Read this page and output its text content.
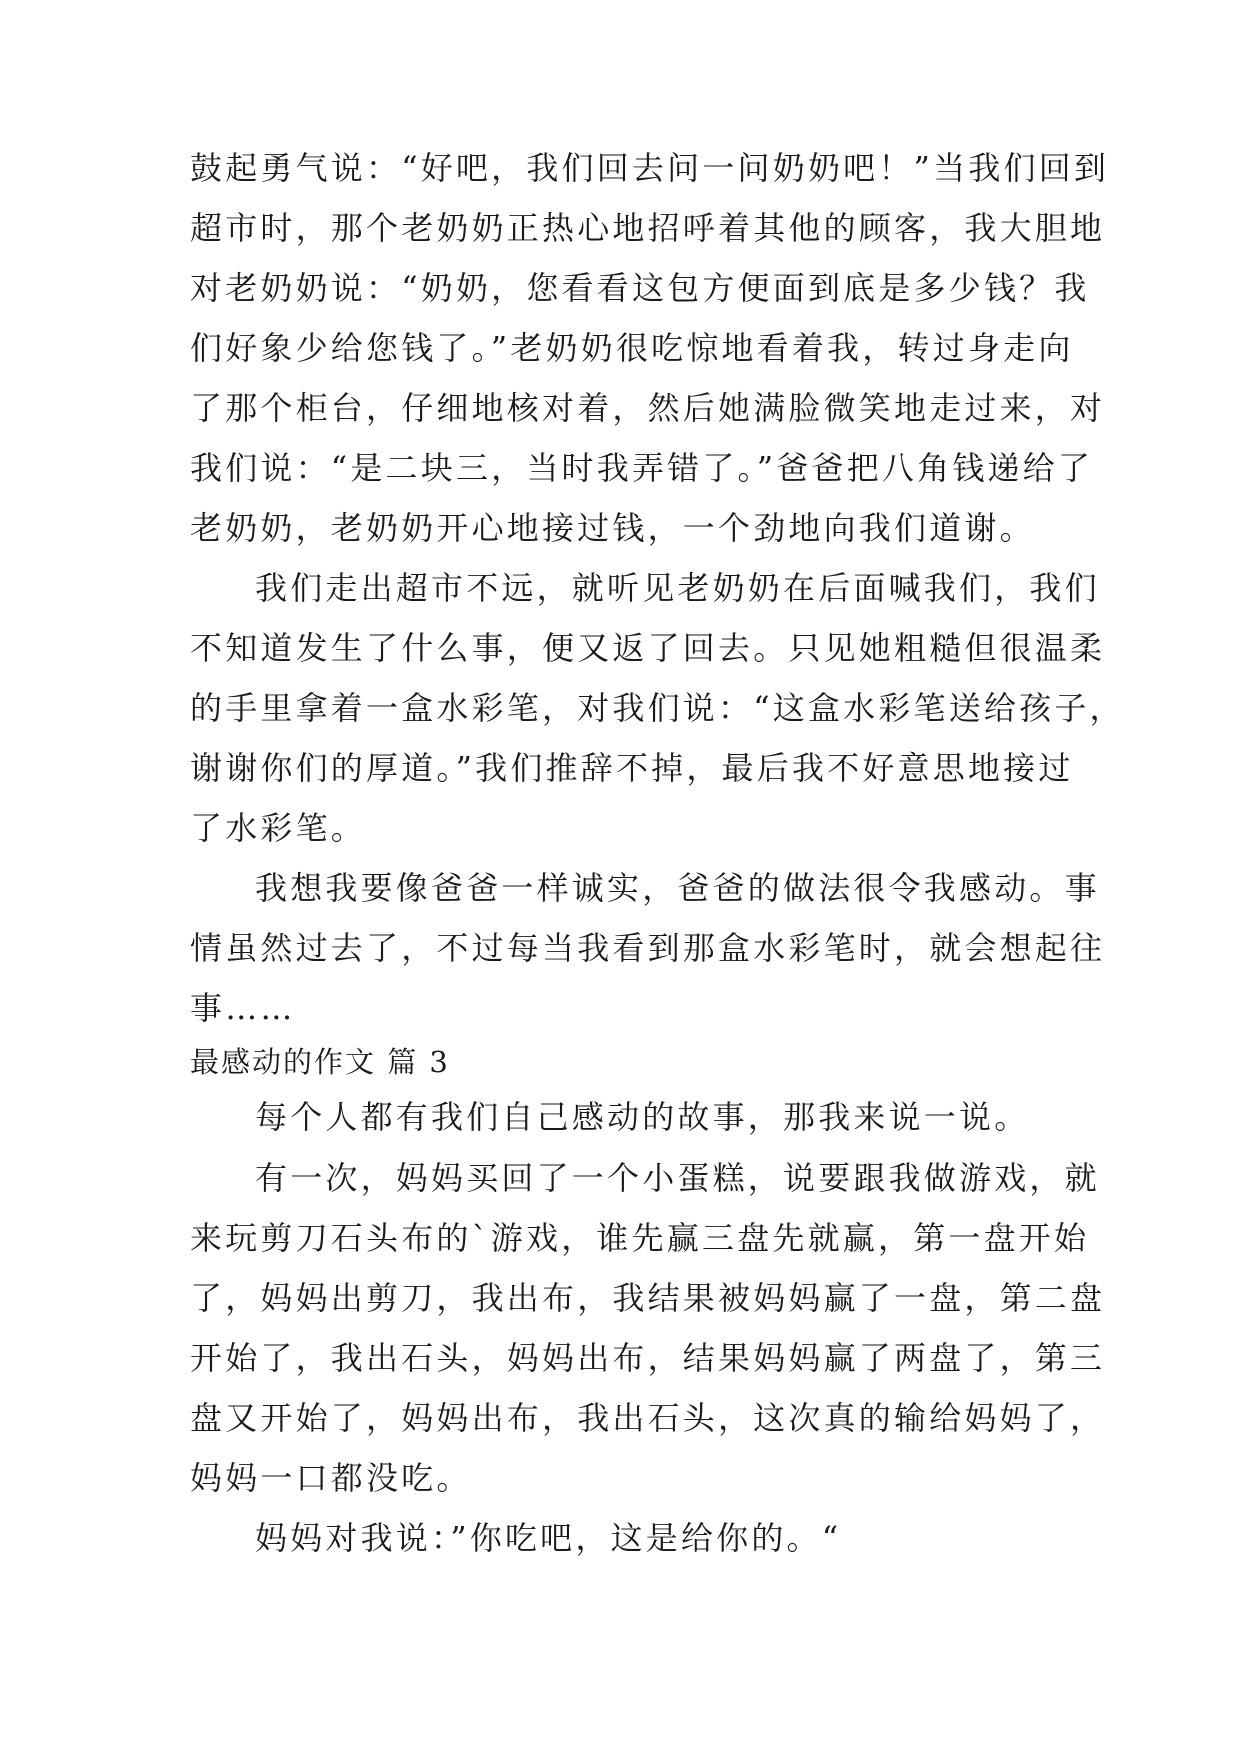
鼓起勇气说：“好吧，我们回去问一问奶奶吧！”当我们回到
超市时，那个老奶奶正热心地招呼着其他的顾客，我大胆地
对老奶奶说：“奶奶，您看看这包方便面到底是多少钱？我
们好象少给您钱了。”老奶奶很吃惊地看着我，转过身走向
了那个柜台，仔细地核对着，然后她满脸微笑地走过来，对
我们说：“是二块三，当时我弄错了。”爸爸把八角钱递给了
老奶奶，老奶奶开心地接过钱，一个劲地向我们道谢。
我们走出超市不远，就听见老奶奶在后面喊我们，我们
不知道发生了什么事，便又返了回去。只见她粗糙但很温柔
的手里拿着一盒水彩笔，对我们说：“这盒水彩笔送给孩子，
谢谢你们的厚道。”我们推辞不掉，最后我不好意思地接过
了水彩笔。
我想我要像爸爸一样诚实，爸爸的做法很令我感动。事
情虽然过去了，不过每当我看到那盒水彩笔时，就会想起往
事……
最感动的作文 篇 3
每个人都有我们自己感动的故事，那我来说一说。
有一次，妈妈买回了一个小蛋糕，说要跟我做游戏，就
来玩剪刀石头布的`游戏，谁先赢三盘先就赢，第一盘开始
了，妈妈出剪刀，我出布，我结果被妈妈赢了一盘，第二盘
开始了，我出石头，妈妈出布，结果妈妈赢了两盘了，第三
盘又开始了，妈妈出布，我出石头，这次真的输给妈妈了，
妈妈一口都没吃。
妈妈对我说：”你吃吧，这是给你的。“
